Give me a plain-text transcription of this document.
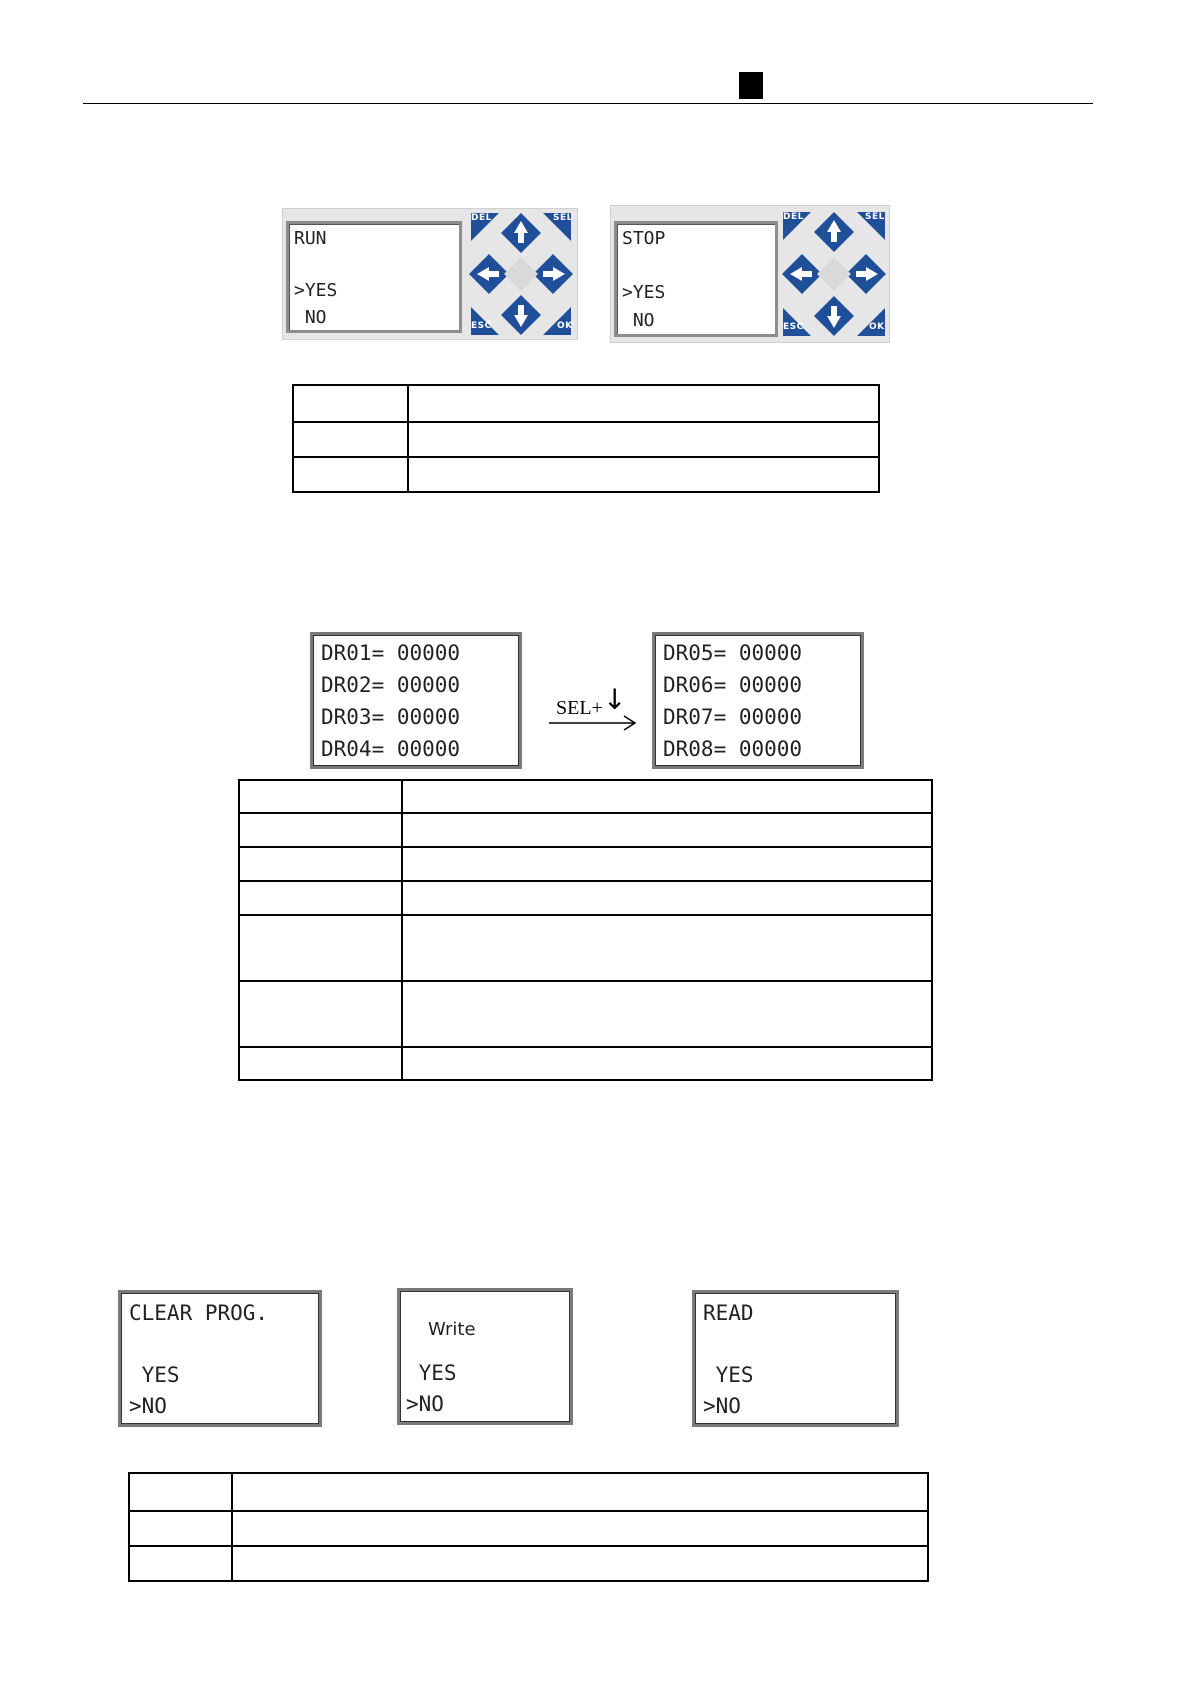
RUN
>YES
NO
DEL	SEL
ESC	OK
STOP
>YES
NO
DEL	SEL
ESC	OK

DR01= 00000
DR02= 00000
DR03= 00000
DR04= 00000
SEL+ ↓
DR05= 00000
DR06= 00000
DR07= 00000
DR08= 00000

CLEAR PROG.
YES
>NO
Write
YES
>NO
READ
YES
>NO
